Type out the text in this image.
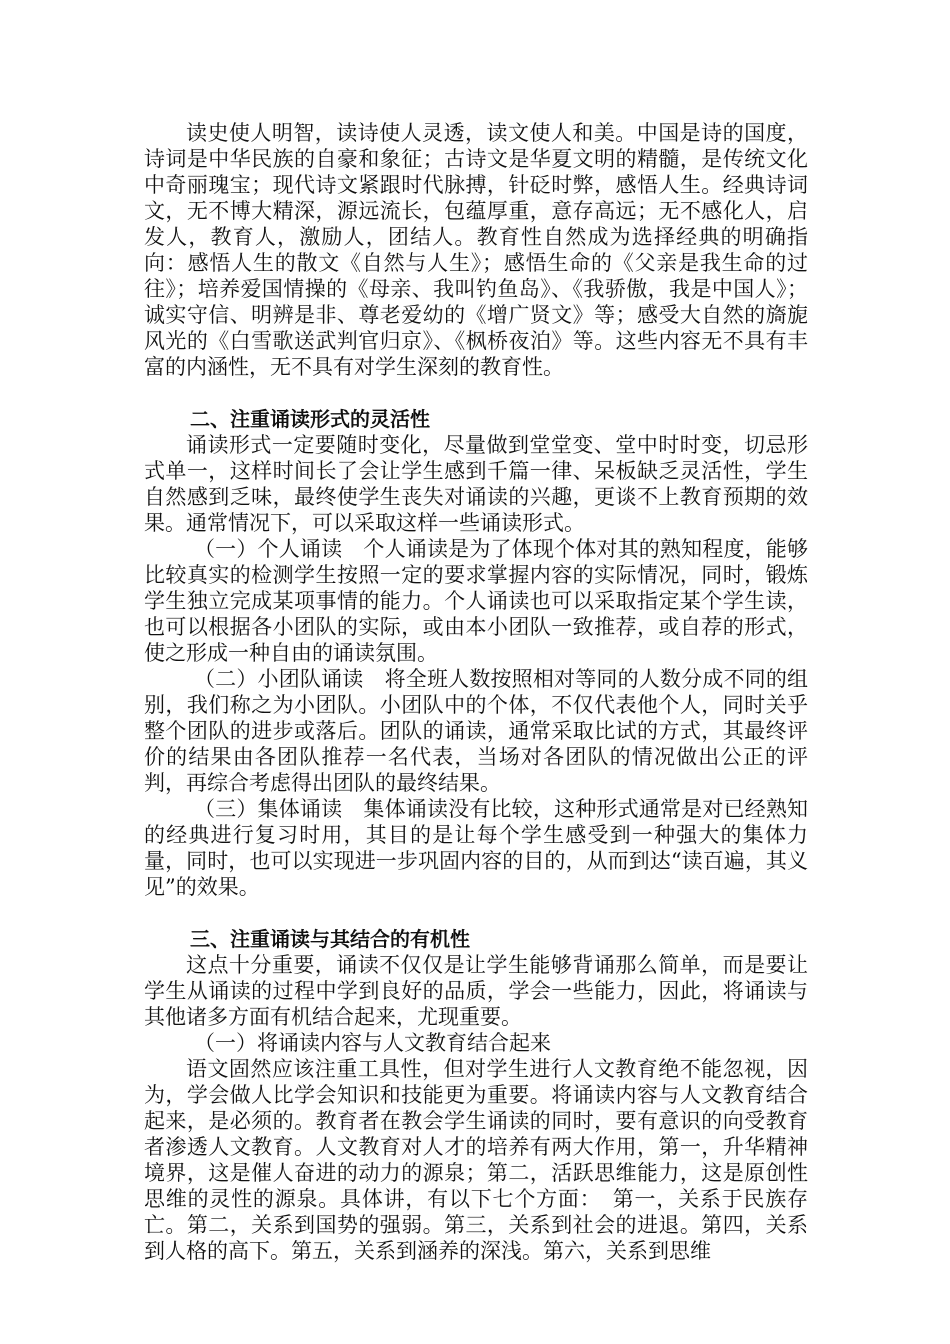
读史使人明智，读诗使人灵透，读文使人和美。中国是诗的国度，诗词是中华民族的自豪和象征；古诗文是华夏文明的精髓，是传统文化中奇丽瑰宝；现代诗文紧跟时代脉搏，针砭时弊，感悟人生。经典诗词文，无不博大精深，源远流长，包蕴厚重，意存高远；无不感化人，启发人，教育人，激励人，团结人。教育性自然成为选择经典的明确指向：感悟人生的散文《自然与人生》；感悟生命的《父亲是我生命的过往》；培养爱国情操的《母亲、我叫钓鱼岛》、《我骄傲，我是中国人》；诚实守信、明辨是非、尊老爱幼的《增广贤文》等；感受大自然的旖旎风光的《白雪歌送武判官归京》、《枫桥夜泊》等。这些内容无不具有丰富的内涵性，无不具有对学生深刻的教育性。

二、注重诵读形式的灵活性

诵读形式一定要随时变化，尽量做到堂堂变、堂中时时变，切忌形式单一，这样时间长了会让学生感到千篇一律、呆板缺乏灵活性，学生自然感到乏味，最终使学生丧失对诵读的兴趣，更谈不上教育预期的效果。通常情况下，可以采取这样一些诵读形式。

（一）个人诵读　个人诵读是为了体现个体对其的熟知程度，能够比较真实的检测学生按照一定的要求掌握内容的实际情况，同时，锻炼学生独立完成某项事情的能力。个人诵读也可以采取指定某个学生读，也可以根据各小团队的实际，或由本小团队一致推荐，或自荐的形式，使之形成一种自由的诵读氛围。

（二）小团队诵读　将全班人数按照相对等同的人数分成不同的组别，我们称之为小团队。小团队中的个体，不仅代表他个人，同时关乎整个团队的进步或落后。团队的诵读，通常采取比试的方式，其最终评价的结果由各团队推荐一名代表，当场对各团队的情况做出公正的评判，再综合考虑得出团队的最终结果。

（三）集体诵读　集体诵读没有比较，这种形式通常是对已经熟知的经典进行复习时用，其目的是让每个学生感受到一种强大的集体力量，同时，也可以实现进一步巩固内容的目的，从而到达“读百遍，其义见”的效果。

三、注重诵读与其结合的有机性

这点十分重要，诵读不仅仅是让学生能够背诵那么简单，而是要让学生从诵读的过程中学到良好的品质，学会一些能力，因此，将诵读与其他诸多方面有机结合起来，尤现重要。

（一）将诵读内容与人文教育结合起来

语文固然应该注重工具性，但对学生进行人文教育绝不能忽视，因为，学会做人比学会知识和技能更为重要。将诵读内容与人文教育结合起来，是必须的。教育者在教会学生诵读的同时，要有意识的向受教育者渗透人文教育。人文教育对人才的培养有两大作用，第一，升华精神境界，这是催人奋进的动力的源泉；第二，活跃思维能力，这是原创性思维的灵性的源泉。具体讲，有以下七个方面：　第一，关系于民族存亡。第二，关系到国势的强弱。第三，关系到社会的进退。第四，关系到人格的高下。第五，关系到涵养的深浅。第六，关系到思维
